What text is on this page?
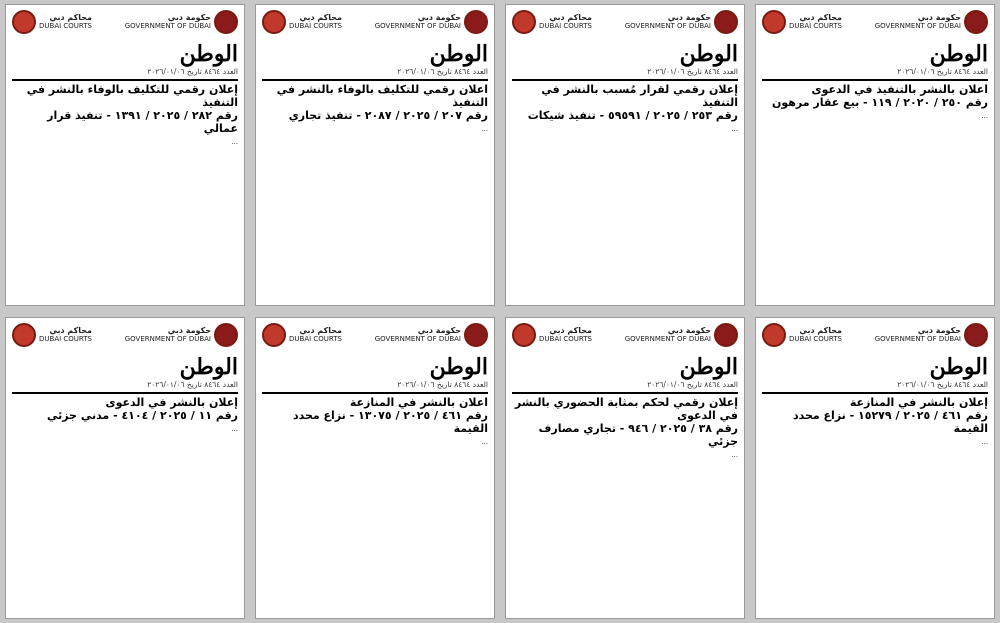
محاكم دبي
DUBAI COURTS
حكومة دبي
GOVERNMENT OF DUBAI
الوطن
العدد ٨٤٦٤ تاريخ ٢٠٢٦/٠١/٠٦
إعلان رقمي للتكليف بالوفاء بالنشر في التنفيذ
رقم ٢٨٢ / ٢٠٢٥ / ١٣٩١ - تنفيذ قرار عمالي

…

محاكم دبي
DUBAI COURTS
حكومة دبي
GOVERNMENT OF DUBAI
الوطن
العدد ٨٤٦٤ تاريخ ٢٠٢٦/٠١/٠٦
اعلان رقمي للتكليف بالوفاء بالنشر في التنفيذ
رقم ٢٠٧ / ٢٠٢٥ / ٢٠٨٧ - تنفيذ تجاري

…

محاكم دبي
DUBAI COURTS
حكومة دبي
GOVERNMENT OF DUBAI
الوطن
العدد ٨٤٦٤ تاريخ ٢٠٢٦/٠١/٠٦
إعلان رقمي لقرار مُسبب بالنشر في التنفيذ
رقم ٢٥٣ / ٢٠٢٥ / ٥٩٥٩١ - تنفيذ شيكات

…

محاكم دبي
DUBAI COURTS
حكومة دبي
GOVERNMENT OF DUBAI
الوطن
العدد ٨٤٦٤ تاريخ ٢٠٢٦/٠١/٠٦
اعلان بالنشر بالتنفيذ في الدعوى
رقم ٢٥٠ / ٢٠٢٠ / ١١٩ - بيع عقار مرهون

…

محاكم دبي
DUBAI COURTS
حكومة دبي
GOVERNMENT OF DUBAI
الوطن
العدد ٨٤٦٤ تاريخ ٢٠٢٦/٠١/٠٦
إعلان بالنشر في الدعوى
رقم ١١ / ٢٠٢٥ / ٤١٠٤ - مدني جزئي

…

محاكم دبي
DUBAI COURTS
حكومة دبي
GOVERNMENT OF DUBAI
الوطن
العدد ٨٤٦٤ تاريخ ٢٠٢٦/٠١/٠٦
اعلان بالنشر في المنازعة
رقم ٤٦١ / ٢٠٢٥ / ١٣٠٧٥ - نزاع محدد القيمة

…

محاكم دبي
DUBAI COURTS
حكومة دبي
GOVERNMENT OF DUBAI
الوطن
العدد ٨٤٦٤ تاريخ ٢٠٢٦/٠١/٠٦
إعلان رقمي لحكم بمثابة الحضوري بالنشر في الدعوى
رقم ٣٨ / ٢٠٢٥ / ٩٤٦ - تجاري مصارف جزئي

…

محاكم دبي
DUBAI COURTS
حكومة دبي
GOVERNMENT OF DUBAI
الوطن
العدد ٨٤٦٤ تاريخ ٢٠٢٦/٠١/٠٦
إعلان بالنشر في المنازعة
رقم ٤٦١ / ٢٠٢٥ / ١٥٢٧٩ - نزاع محدد القيمة

…
